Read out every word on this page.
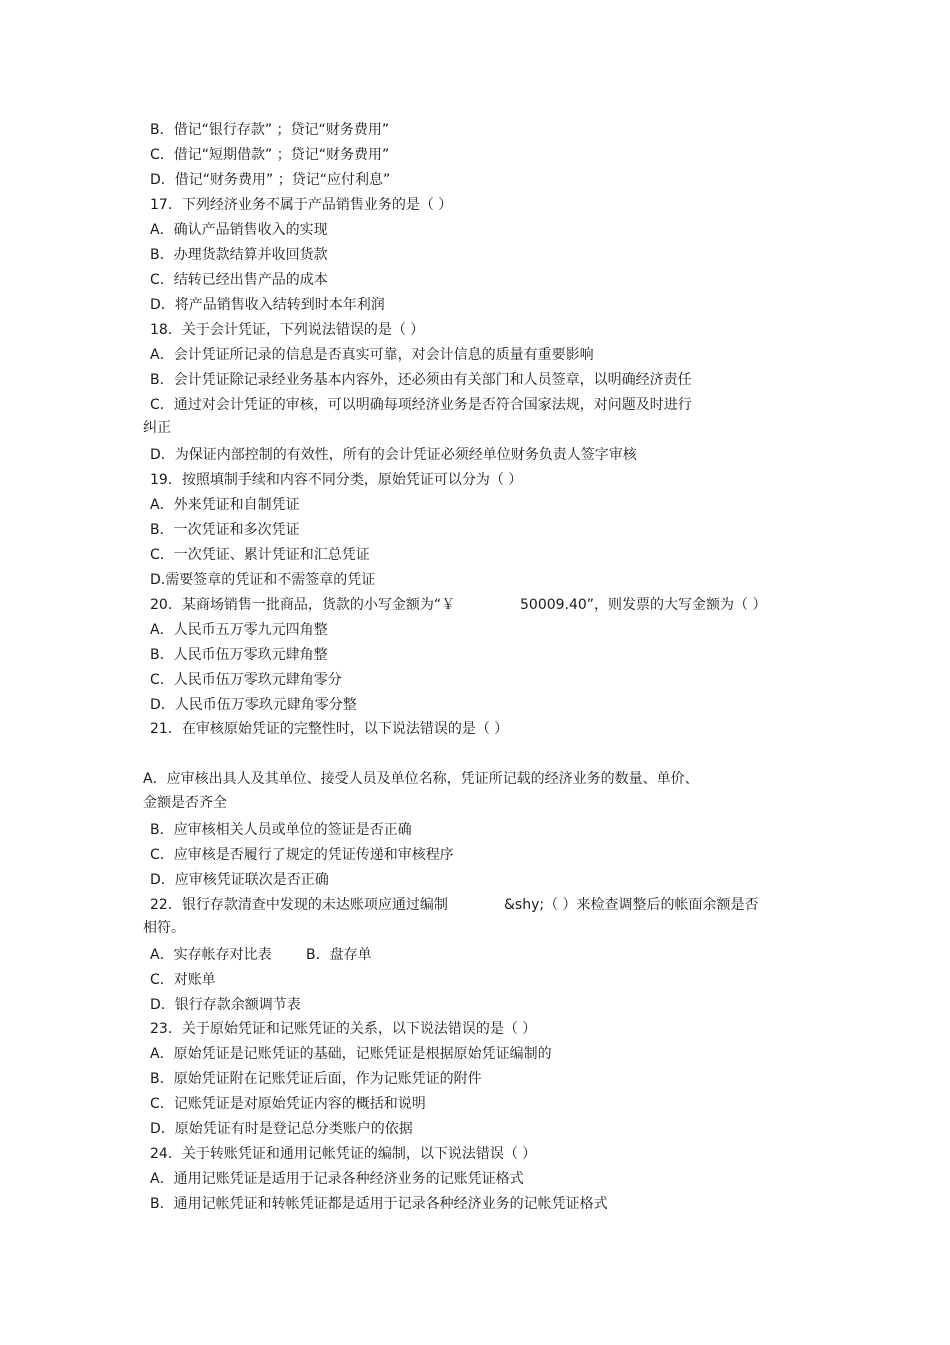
B．借记“银行存款” ；贷记“财务费用”
C．借记“短期借款” ；贷记“财务费用”
D．借记“财务费用” ；贷记“应付利息”
17．下列经济业务不属于产品销售业务的是（ ）
A．确认产品销售收入的实现
B．办理货款结算并收回货款
C．结转已经出售产品的成本
D．将产品销售收入结转到时本年利润
18．关于会计凭证，下列说法错误的是（ ）
A．会计凭证所记录的信息是否真实可靠，对会计信息的质量有重要影响
B．会计凭证除记录经业务基本内容外，还必须由有关部门和人员签章，以明确经济责任
C．通过对会计凭证的审核，可以明确每项经济业务是否符合国家法规，对问题及时进行
纠正
D．为保证内部控制的有效性，所有的会计凭证必须经单位财务负责人签字审核
19．按照填制手续和内容不同分类，原始凭证可以分为（ ）
A．外来凭证和自制凭证
B．一次凭证和多次凭证
C．一次凭证、累计凭证和汇总凭证
D.需要签章的凭证和不需签章的凭证
20．某商场销售一批商品，货款的小写金额为“￥	50009.40”，则发票的大写金额为（ ）
A．人民币五万零九元四角整
B．人民币伍万零玖元肆角整
C．人民币伍万零玖元肆角零分
D．人民币伍万零玖元肆角零分整
21．在审核原始凭证的完整性时，以下说法错误的是（ ）
A．应审核出具人及其单位、接受人员及单位名称，凭证所记载的经济业务的数量、单价、
金额是否齐全
B．应审核相关人员或单位的签证是否正确
C．应审核是否履行了规定的凭证传递和审核程序
D．应审核凭证联次是否正确
22．银行存款清查中发现的未达账项应通过编制	&shy;（ ）来检查调整后的帐面余额是否
相符。
A．实存帐存对比表 B．盘存单
C．对账单
D．银行存款余额调节表
23．关于原始凭证和记账凭证的关系，以下说法错误的是（ ）
A．原始凭证是记账凭证的基础，记账凭证是根据原始凭证编制的
B．原始凭证附在记账凭证后面，作为记账凭证的附件
C．记账凭证是对原始凭证内容的概括和说明
D．原始凭证有时是登记总分类账户的依据
24．关于转账凭证和通用记帐凭证的编制，以下说法错误（ ）
A．通用记账凭证是适用于记录各种经济业务的记账凭证格式
B．通用记帐凭证和转帐凭证都是适用于记录各种经济业务的记帐凭证格式
